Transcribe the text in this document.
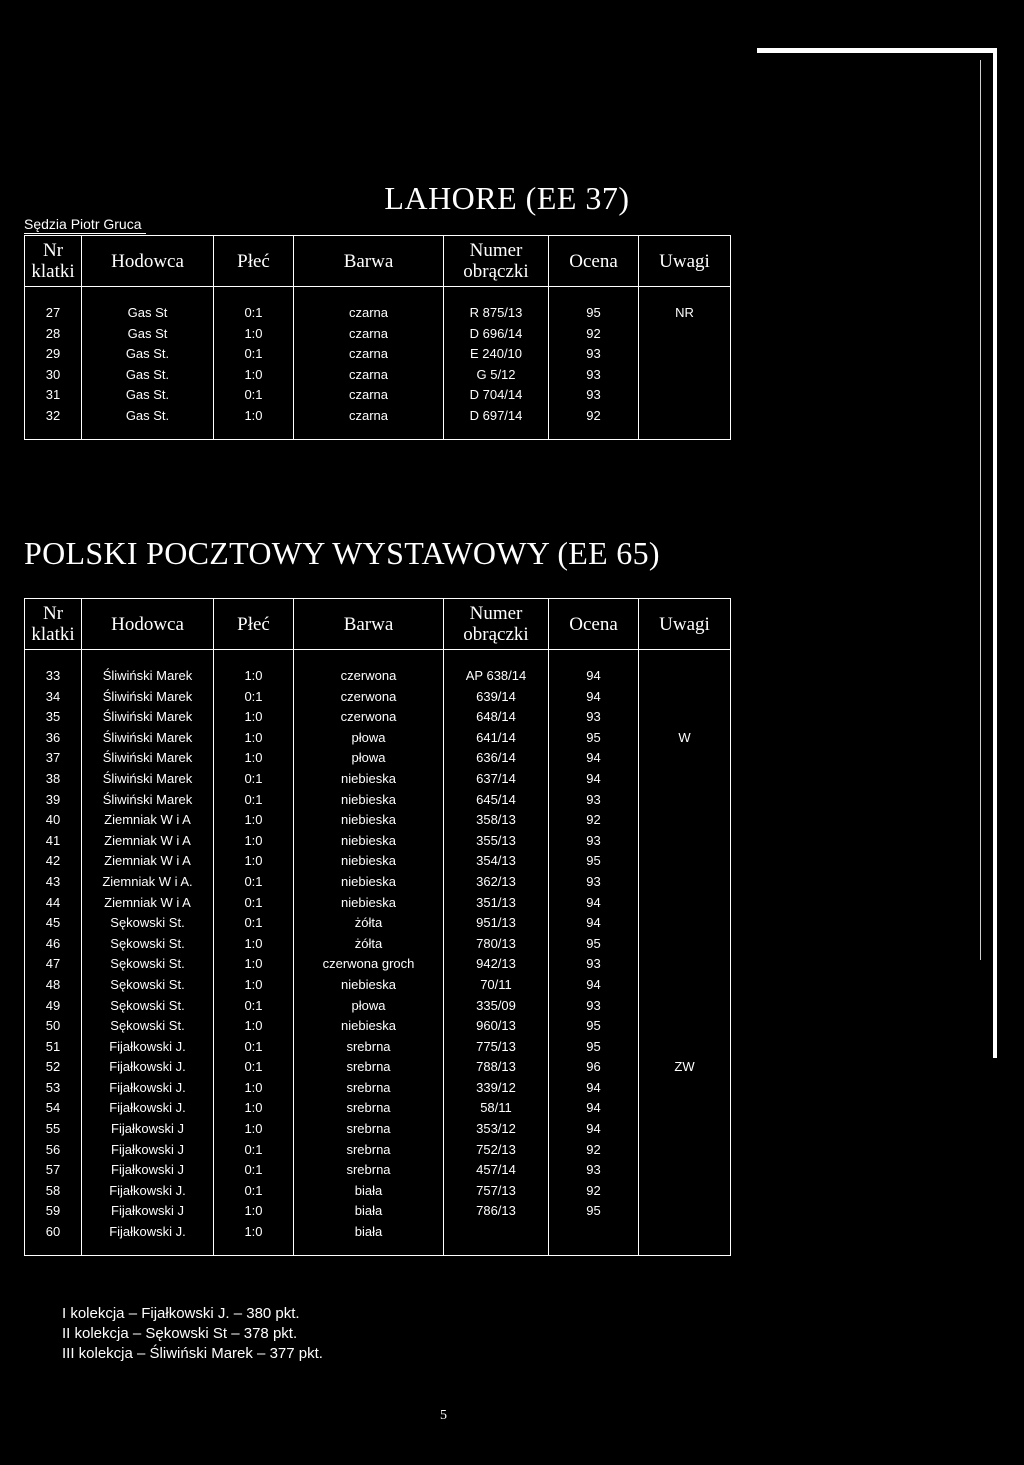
LAHORE (EE 37)
Sędzia Piotr Gruca
Nr klatki	Hodowca	Płeć	Barwa	Numer obrączki	Ocena	Uwagi

27	Gas St	0:1	czarna	R 875/13	95	NR
28	Gas St	1:0	czarna	D 696/14	92	
29	Gas St.	0:1	czarna	E 240/10	93	
30	Gas St.	1:0	czarna	G 5/12	93	
31	Gas St.	0:1	czarna	D 704/14	93	
32	Gas St.	1:0	czarna	D 697/14	92	

POLSKI POCZTOWY WYSTAWOWY (EE 65)
Nr klatki	Hodowca	Płeć	Barwa	Numer obrączki	Ocena	Uwagi

33	Śliwiński Marek	1:0	czerwona	AP 638/14	94	
34	Śliwiński Marek	0:1	czerwona	639/14	94	
35	Śliwiński Marek	1:0	czerwona	648/14	93	
36	Śliwiński Marek	1:0	płowa	641/14	95	W
37	Śliwiński Marek	1:0	płowa	636/14	94	
38	Śliwiński Marek	0:1	niebieska	637/14	94	
39	Śliwiński Marek	0:1	niebieska	645/14	93	
40	Ziemniak W i A	1:0	niebieska	358/13	92	
41	Ziemniak W i A	1:0	niebieska	355/13	93	
42	Ziemniak W i A	1:0	niebieska	354/13	95	
43	Ziemniak W i A.	0:1	niebieska	362/13	93	
44	Ziemniak W i A	0:1	niebieska	351/13	94	
45	Sękowski St.	0:1	żółta	951/13	94	
46	Sękowski St.	1:0	żółta	780/13	95	
47	Sękowski St.	1:0	czerwona groch	942/13	93	
48	Sękowski St.	1:0	niebieska	70/11	94	
49	Sękowski St.	0:1	płowa	335/09	93	
50	Sękowski St.	1:0	niebieska	960/13	95	
51	Fijałkowski J.	0:1	srebrna	775/13	95	
52	Fijałkowski J.	0:1	srebrna	788/13	96	ZW
53	Fijałkowski J.	1:0	srebrna	339/12	94	
54	Fijałkowski J.	1:0	srebrna	58/11	94	
55	Fijałkowski J	1:0	srebrna	353/12	94	
56	Fijałkowski J	0:1	srebrna	752/13	92	
57	Fijałkowski J	0:1	srebrna	457/14	93	
58	Fijałkowski J.	0:1	biała	757/13	92	
59	Fijałkowski J	1:0	biała	786/13	95	
60	Fijałkowski J.	1:0	biała			

I kolekcja – Fijałkowski J. – 380 pkt.
II kolekcja – Sękowski St – 378 pkt.
III kolekcja – Śliwiński Marek – 377 pkt.
5
